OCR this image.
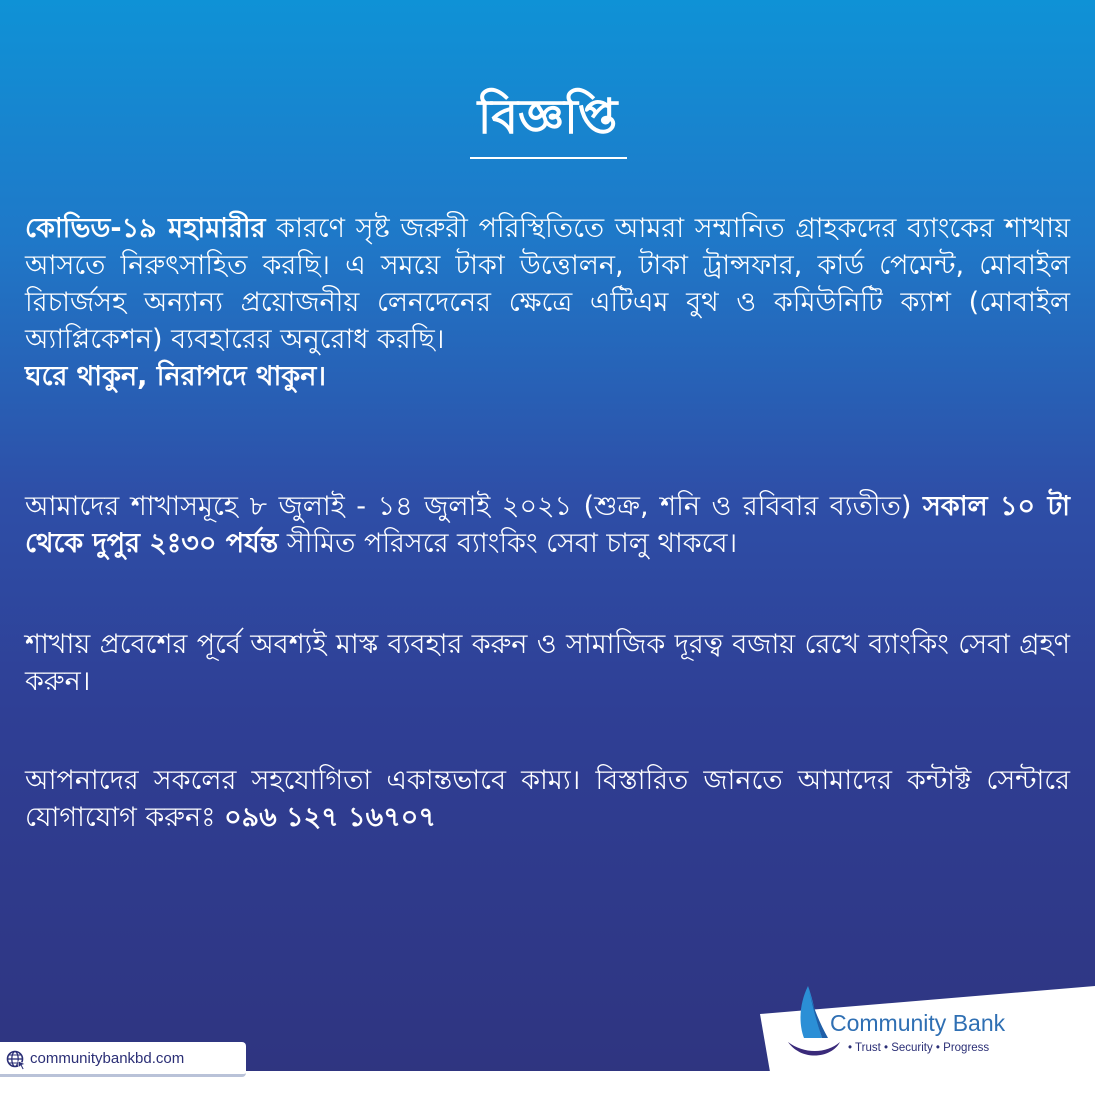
বিজ্ঞপ্তি

কোভিড-১৯ মহামারীর কারণে সৃষ্ট জরুরী পরিস্থিতিতে আমরা সম্মানিত গ্রাহকদের ব্যাংকের শাখায় আসতে নিরুৎসাহিত করছি। এ সময়ে টাকা উত্তোলন, টাকা ট্রান্সফার, কার্ড পেমেন্ট, মোবাইল রিচার্জসহ অন্যান্য প্রয়োজনীয় লেনদেনের ক্ষেত্রে এটিএম বুথ ও কমিউনিটি ক্যাশ (মোবাইল অ্যাপ্লিকেশন) ব্যবহারের অনুরোধ করছি।

ঘরে থাকুন, নিরাপদে থাকুন।

আমাদের শাখাসমূহে ৮ জুলাই - ১৪ জুলাই ২০২১ (শুক্র, শনি ও রবিবার ব্যতীত) সকাল ১০ টা থেকে দুপুর ২ঃ৩০ পর্যন্ত সীমিত পরিসরে ব্যাংকিং সেবা চালু থাকবে।

শাখায় প্রবেশের পূর্বে অবশ্যই মাস্ক ব্যবহার করুন ও সামাজিক দূরত্ব বজায় রেখে ব্যাংকিং সেবা গ্রহণ করুন।

আপনাদের সকলের সহযোগিতা একান্তভাবে কাম্য। বিস্তারিত জানতে আমাদের কন্টাক্ট সেন্টারে যোগাযোগ করুনঃ ০৯৬ ১২৭ ১৬৭০৭

communitybankbd.com
Community Bank
• Trust • Security • Progress
